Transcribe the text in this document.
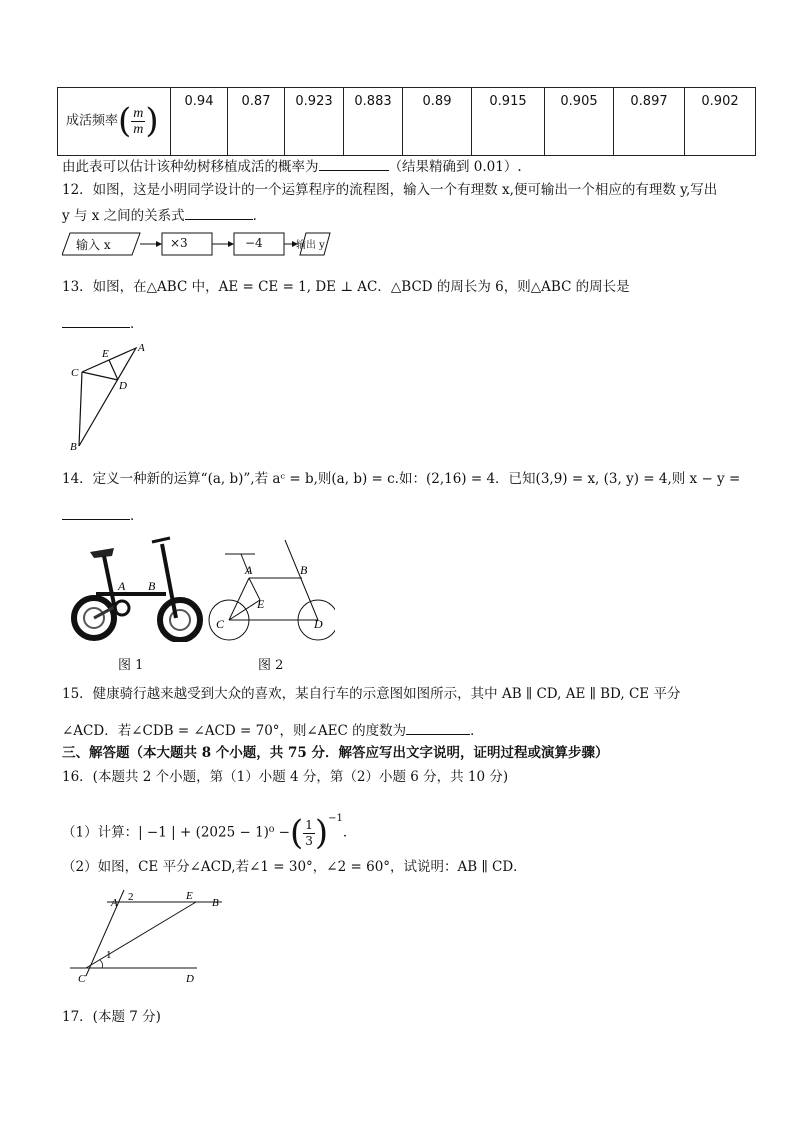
成活频率( $\frac{m}{m}$)	0.94	0.87	0.923	0.883	0.89	0.915	0.905	0.897	0.902
由此表可以估计该种幼树移植成活的概率为	（结果精确到 0.01）.
12．如图，这是小明同学设计的一个运算程序的流程图，输入一个有理数 x,便可输出一个相应的有理数 y,写出
y 与 x 之间的关系式	．
输入 x	×3	−4	输出 y
13．如图，在△ABC 中，AE = CE = 1, DE ⊥ AC．△BCD 的周长为 6，则△ABC 的周长是
．
A
E
C
D
B
14．定义一种新的运算“(a, b)”,若 aᶜ = b,则(a, b) = c.如：(2,16) = 4．已知(3,9) = x, (3, y) = 4,则 x − y =
．
A B
A	B
C	D
E
图 1	图 2
15．健康骑行越来越受到大众的喜欢，某自行车的示意图如图所示，其中 AB ∥ CD, AE ∥ BD, CE 平分
∠ACD．若∠CDB = ∠ACD = 70°，则∠AEC 的度数为	．
三、解答题（本大题共 8 个小题，共 75 分．解答应写出文字说明，证明过程或演算步骤）
16．(本题共 2 个小题，第（1）小题 4 分，第（2）小题 6 分，共 10 分)
（1）计算：| −1 | + (2025 − 1)⁰ −( $\frac{1}{3})^{-1}$．
（2）如图，CE 平分∠ACD,若∠1 = 30°，∠2 = 60°，试说明：AB ∥ CD．
A 2	E
B
1
C	D
17．(本题 7 分)
